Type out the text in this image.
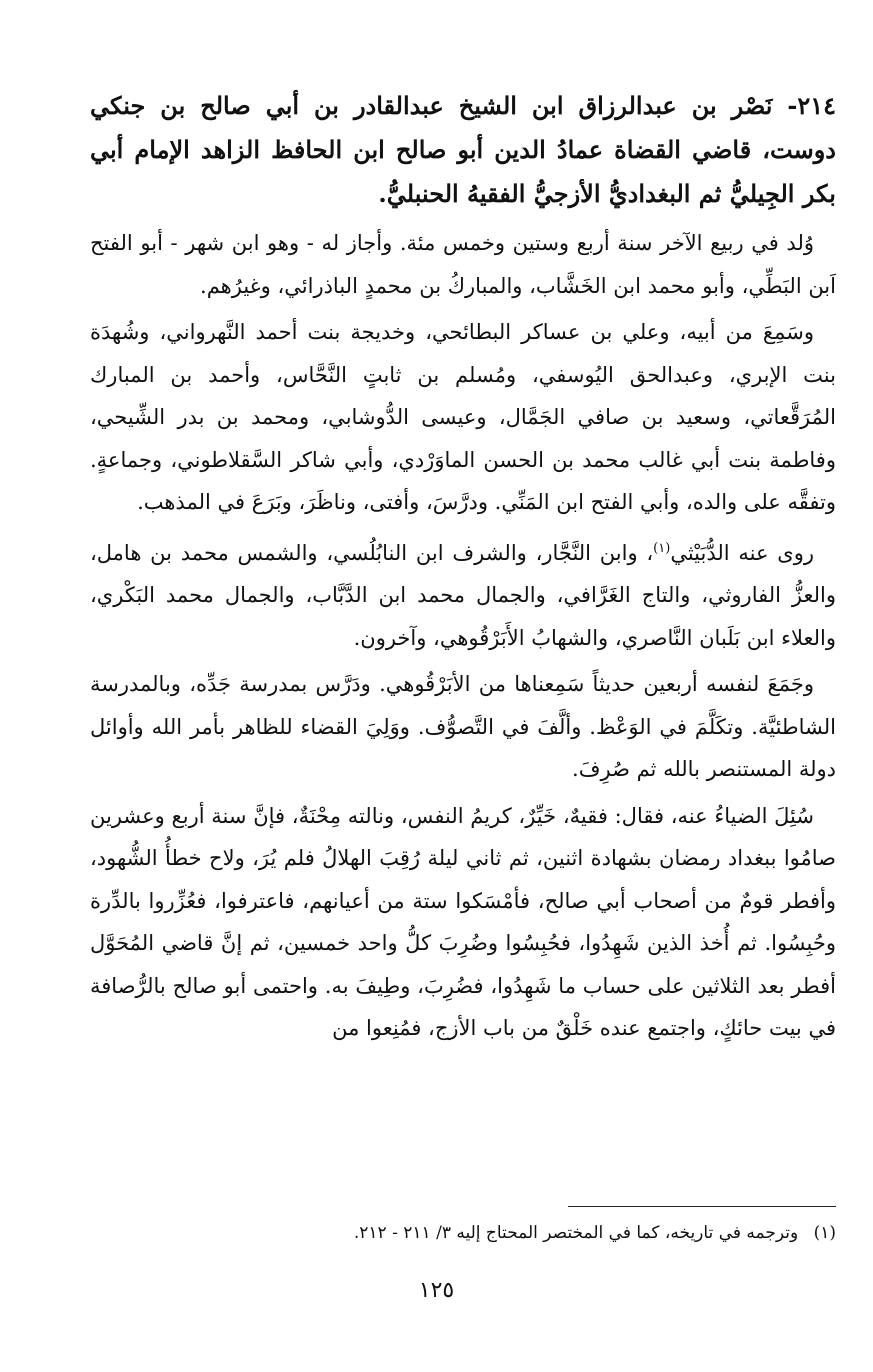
٢١٤- نَصْر بن عبدالرزاق ابن الشيخ عبدالقادر بن أبي صالح بن جنكي دوست، قاضي القضاة عمادُ الدين أبو صالح ابن الحافظ الزاهد الإمام أبي بكر الجِيليُّ ثم البغداديُّ الأزجيُّ الفقيهُ الحنبليُّ.

وُلد في ربيع الآخر سنة أربع وستين وخمس مئة. وأجاز له - وهو ابن شهر - أبو الفتح اَبن البَطِّي، وأبو محمد ابن الخَشَّاب، والمباركُ بن محمدٍ الباذرائي، وغيرُهم.

وسَمِعَ من أبيه، وعلي بن عساكر البطائحي، وخديجة بنت أحمد النَّهرواني، وشُهدَة بنت الإبري، وعبدالحق اليُوسفي، ومُسلم بن ثابتٍ النَّحَّاس، وأحمد بن المبارك المُرَقَّعاتي، وسعيد بن صافي الجَمَّال، وعيسى الدُّوشابي، ومحمد بن بدر الشِّيحي، وفاطمة بنت أبي غالب محمد بن الحسن الماوَرْدي، وأبي شاكر السَّقلاطوني، وجماعةٍ. وتفقَّه على والده، وأبي الفتح ابن المَنِّي. ودرَّسَ، وأفتى، وناظَرَ، وبَرَعَ في المذهب.

روى عنه الدُّبَيْثي$^{(١)}$، وابن النَّجَّار، والشرف ابن النابُلُسي، والشمس محمد بن هامل، والعزُّ الفاروثي، والتاج الغَرَّافي، والجمال محمد ابن الدَّبَّاب، والجمال محمد البَكْري، والعلاء ابن بَلَبان النَّاصري، والشهابُ الأَبَرْقُوهي، وآخرون.

وجَمَعَ لنفسه أربعين حديثاً سَمِعناها من الأبَرْقُوهي. ودَرَّس بمدرسة جَدِّه، وبالمدرسة الشاطئيَّة. وتكَلَّمَ في الوَعْظ. وألَّفَ في التَّصوُّف. ووَلِيَ القضاء للظاهر بأمر الله وأوائل دولة المستنصر بالله ثم صُرِفَ.

سُئِلَ الضياءُ عنه، فقال: فقيهٌ، خَيِّرٌ، كريمُ النفس، ونالته مِحْنَةٌ، فإنَّ سنة أربع وعشرين صامُوا ببغداد رمضان بشهادة اثنين، ثم ثاني ليلة رُقِبَ الهلالُ فلم يُرَ، ولاح خطأُ الشُّهود، وأفطر قومٌ من أصحاب أبي صالح، فأمْسَكوا ستة من أعيانهم، فاعترفوا، فعُزِّروا بالدِّرة وحُبِسُوا. ثم أُخذ الذين شَهِدُوا، فحُبِسُوا وضُرِبَ كلُّ واحد خمسين، ثم إنَّ قاضي المُحَوَّل أفطر بعد الثلاثين على حساب ما شَهِدُوا، فضُرِبَ، وطِيفَ به. واحتمى أبو صالح بالرُّصافة في بيت حائكٍ، واجتمع عنده خَلْقٌ من باب الأزج، فمُنِعوا من

(١) وترجمه في تاريخه، كما في المختصر المحتاج إليه ٣/ ٢١١ - ٢١٢.
١٢٥
